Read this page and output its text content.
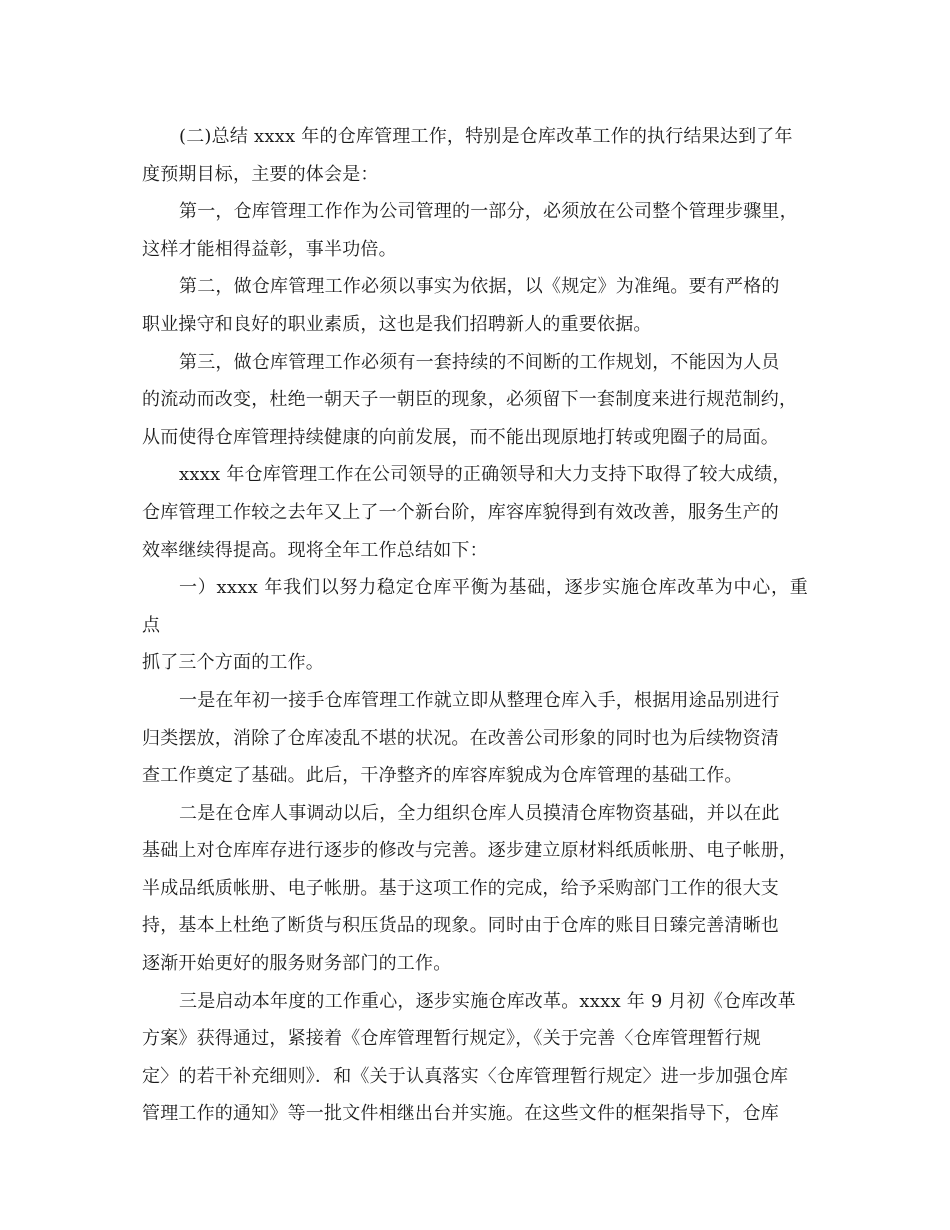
(二)总结 xxxx 年的仓库管理工作，特别是仓库改革工作的执行结果达到了年
度预期目标，主要的体会是：

第一，仓库管理工作作为公司管理的一部分，必须放在公司整个管理步骤里，
这样才能相得益彰，事半功倍。

第二，做仓库管理工作必须以事实为依据，以《规定》为准绳。要有严格的
职业操守和良好的职业素质，这也是我们招聘新人的重要依据。

第三，做仓库管理工作必须有一套持续的不间断的工作规划，不能因为人员
的流动而改变，杜绝一朝天子一朝臣的现象，必须留下一套制度来进行规范制约，
从而使得仓库管理持续健康的向前发展，而不能出现原地打转或兜圈子的局面。

xxxx 年仓库管理工作在公司领导的正确领导和大力支持下取得了较大成绩，
仓库管理工作较之去年又上了一个新台阶，库容库貌得到有效改善，服务生产的
效率继续得提高。现将全年工作总结如下：

一）xxxx 年我们以努力稳定仓库平衡为基础，逐步实施仓库改革为中心，重点
抓了三个方面的工作。

一是在年初一接手仓库管理工作就立即从整理仓库入手，根据用途品别进行
归类摆放，消除了仓库凌乱不堪的状况。在改善公司形象的同时也为后续物资清
查工作奠定了基础。此后，干净整齐的库容库貌成为仓库管理的基础工作。

二是在仓库人事调动以后，全力组织仓库人员摸清仓库物资基础，并以在此
基础上对仓库库存进行逐步的修改与完善。逐步建立原材料纸质帐册、电子帐册，
半成品纸质帐册、电子帐册。基于这项工作的完成，给予采购部门工作的很大支
持，基本上杜绝了断货与积压货品的现象。同时由于仓库的账目日臻完善清晰也
逐渐开始更好的服务财务部门的工作。

三是启动本年度的工作重心，逐步实施仓库改革。xxxx 年 9 月初《仓库改革
方案》获得通过，紧接着《仓库管理暂行规定》，《关于完善〈仓库管理暂行规
定〉的若干补充细则》．和《关于认真落实〈仓库管理暂行规定〉进一步加强仓库
管理工作的通知》等一批文件相继出台并实施。在这些文件的框架指导下，仓库
